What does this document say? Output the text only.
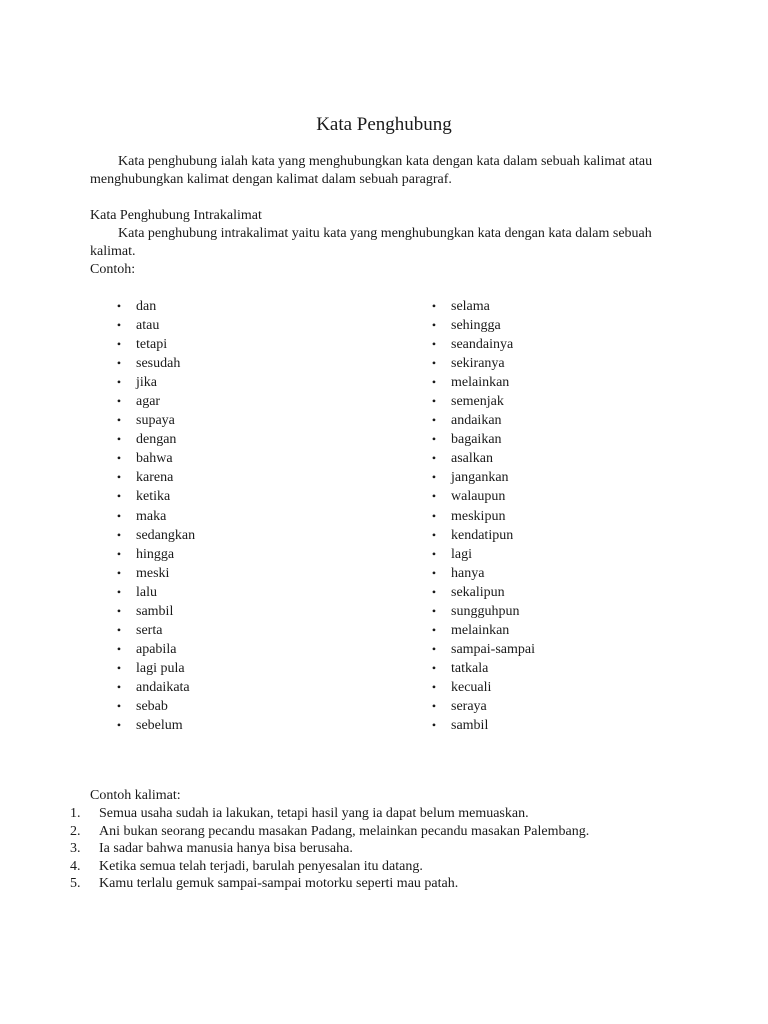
Kata Penghubung
Kata penghubung ialah kata yang menghubungkan kata dengan kata dalam sebuah kalimat atau menghubungkan kalimat dengan kalimat dalam sebuah paragraf.
Kata Penghubung Intrakalimat
Kata penghubung intrakalimat yaitu kata yang menghubungkan kata dengan kata dalam sebuah kalimat.
Contoh:
• dan
• atau
• tetapi
• sesudah
• jika
• agar
• supaya
• dengan
• bahwa
• karena
• ketika
• maka
• sedangkan
• hingga
• meski
• lalu
• sambil
• serta
• apabila
• lagi pula
• andaikata
• sebab
• sebelum
• selama
• sehingga
• seandainya
• sekiranya
• melainkan
• semenjak
• andaikan
• bagaikan
• asalkan
• jangankan
• walaupun
• meskipun
• kendatipun
• lagi
• hanya
• sekalipun
• sungguhpun
• melainkan
• sampai-sampai
• tatkala
• kecuali
• seraya
• sambil
Contoh kalimat:
1. Semua usaha sudah ia lakukan, tetapi hasil yang ia dapat belum memuaskan.
2. Ani bukan seorang pecandu masakan Padang, melainkan pecandu masakan Palembang.
3. Ia sadar bahwa manusia hanya bisa berusaha.
4. Ketika semua telah terjadi, barulah penyesalan itu datang.
5. Kamu terlalu gemuk sampai-sampai motorku seperti mau patah.
